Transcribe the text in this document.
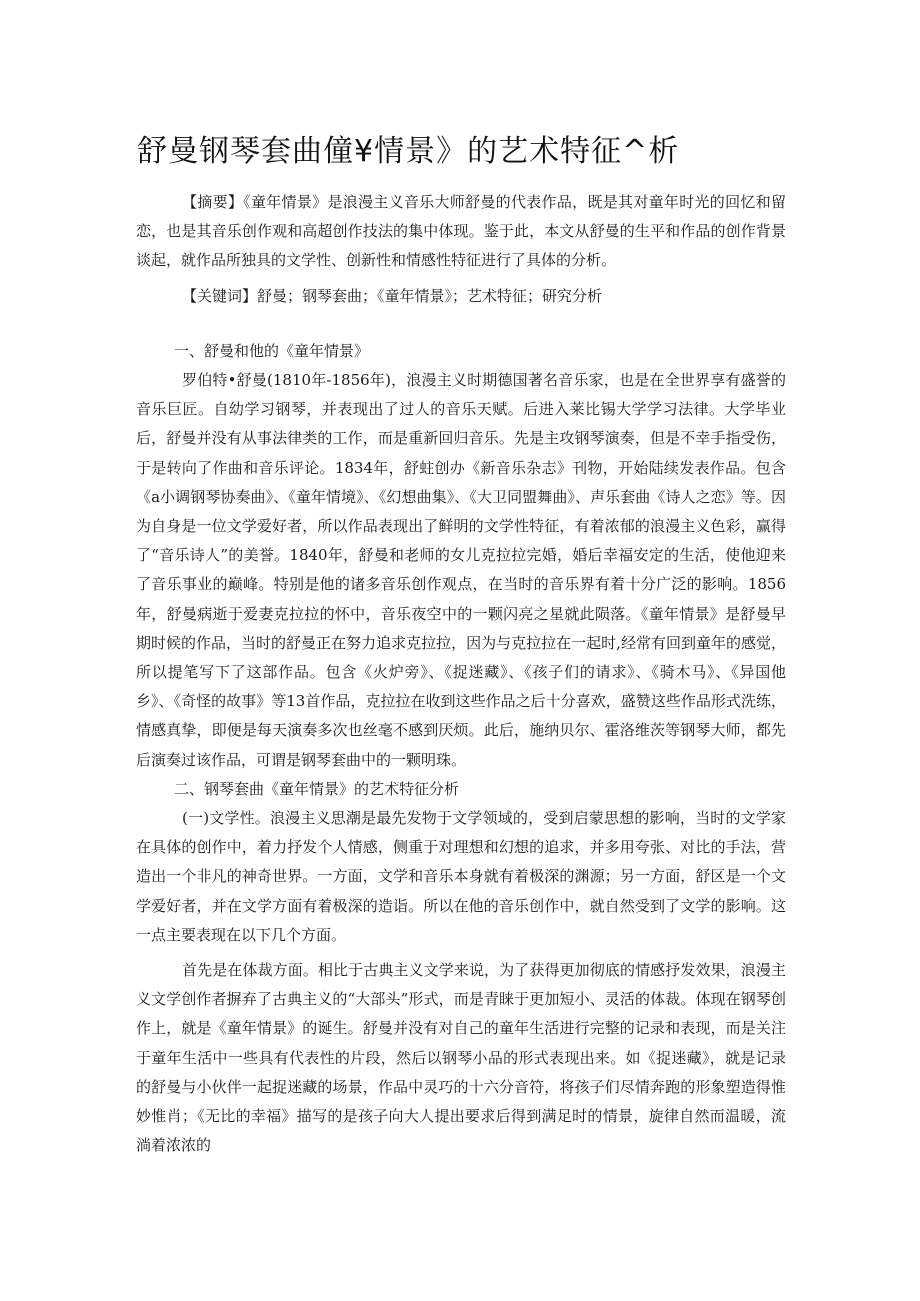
舒曼钢琴套曲僮¥情景》的艺术特征^析

【摘要】《童年情景》是浪漫主义音乐大师舒曼的代表作品，既是其对童年时光的回忆和留恋，也是其音乐创作观和高超创作技法的集中体现。鉴于此，本文从舒曼的生平和作品的创作背景谈起，就作品所独具的文学性、创新性和情感性特征进行了具体的分析。

【关键词】舒曼；钢琴套曲；《童年情景》；艺术特征；研究分析

一、舒曼和他的《童年情景》

罗伯特•舒曼(1810年-1856年)，浪漫主义时期德国著名音乐家，也是在全世界享有盛誉的音乐巨匠。自幼学习钢琴，并表现出了过人的音乐天赋。后进入莱比锡大学学习法律。大学毕业后，舒曼并没有从事法律类的工作，而是重新回归音乐。先是主攻钢琴演奏，但是不幸手指受伤，于是转向了作曲和音乐评论。1834年，舒蛀创办《新音乐杂志》刊物，开始陆续发表作品。包含《a小调钢琴协奏曲》、《童年情境》、《幻想曲集》、《大卫同盟舞曲》、声乐套曲《诗人之恋》等。因为自身是一位文学爱好者，所以作品表现出了鲜明的文学性特征，有着浓郁的浪漫主义色彩，赢得了“音乐诗人”的美誉。1840年，舒曼和老师的女儿克拉拉完婚，婚后幸福安定的生活，使他迎来了音乐事业的巅峰。特别是他的诸多音乐创作观点，在当时的音乐界有着十分广泛的影响。1856年，舒曼病逝于爱妻克拉拉的怀中，音乐夜空中的一颗闪亮之星就此陨落。《童年情景》是舒曼早期时候的作品，当时的舒曼正在努力追求克拉拉，因为与克拉拉在一起时,经常有回到童年的感觉，所以提笔写下了这部作品。包含《火炉旁》、《捉迷藏》、《孩子们的请求》、《骑木马》、《异国他乡》、《奇怪的故事》等13首作品，克拉拉在收到这些作品之后十分喜欢，盛赞这些作品形式洗练，情感真挚，即便是每天演奏多次也丝毫不感到厌烦。此后，施纳贝尔、霍洛维茨等钢琴大师，都先后演奏过该作品，可谓是钢琴套曲中的一颗明珠。

二、钢琴套曲《童年情景》的艺术特征分析

(一)文学性。浪漫主义思潮是最先发物于文学领域的，受到启蒙思想的影响，当时的文学家在具体的创作中，着力抒发个人情感，侧重于对理想和幻想的追求，并多用夸张、对比的手法，营造出一个非凡的神奇世界。一方面，文学和音乐本身就有着极深的渊源；另一方面，舒区是一个文学爱好者，并在文学方面有着极深的造诣。所以在他的音乐创作中，就自然受到了文学的影响。这一点主要表现在以下几个方面。

首先是在体裁方面。相比于古典主义文学来说，为了获得更加彻底的情感抒发效果，浪漫主义文学创作者摒弃了古典主义的“大部头”形式，而是青睐于更加短小、灵活的体裁。体现在钢琴创作上，就是《童年情景》的诞生。舒曼并没有对自己的童年生活进行完整的记录和表现，而是关注于童年生活中一些具有代表性的片段，然后以钢琴小品的形式表现出来。如《捉迷藏》，就是记录的舒曼与小伙伴一起捉迷藏的场景，作品中灵巧的十六分音符，将孩子们尽情奔跑的形象塑造得惟妙惟肖；《无比的幸福》描写的是孩子向大人提出要求后得到满足时的情景，旋律自然而温暖，流淌着浓浓的
